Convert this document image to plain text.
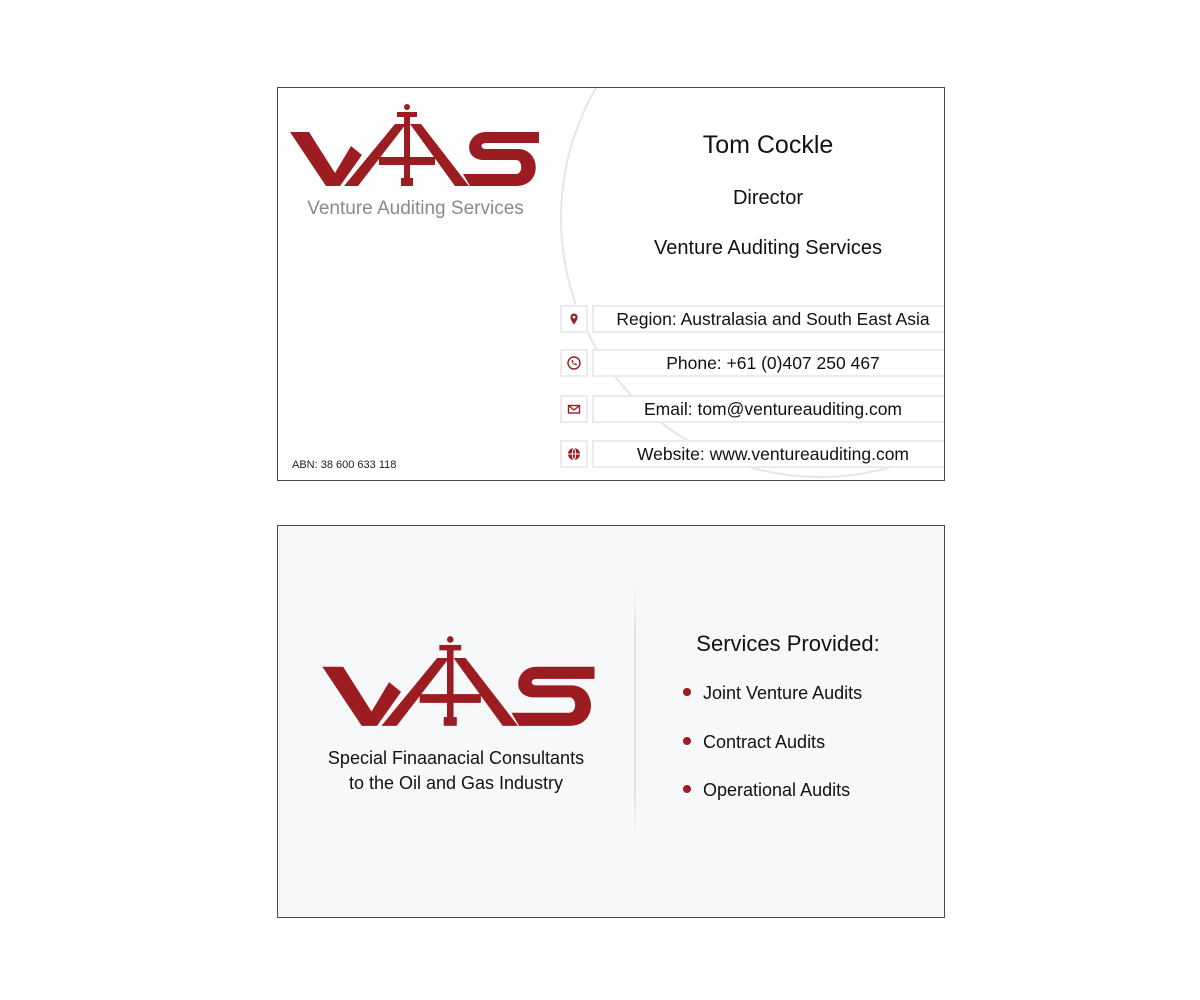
Venture Auditing Services
ABN: 38 600 633 118
Tom Cockle
Director
Venture Auditing Services
Region: Australasia and South East Asia
Phone: +61 (0)407 250 467
Email: tom@ventureauditing.com
Website: www.ventureauditing.com
Special Finaanacial Consultants
to the Oil and Gas Industry
Services Provided:
Joint Venture Audits
Contract Audits
Operational Audits
